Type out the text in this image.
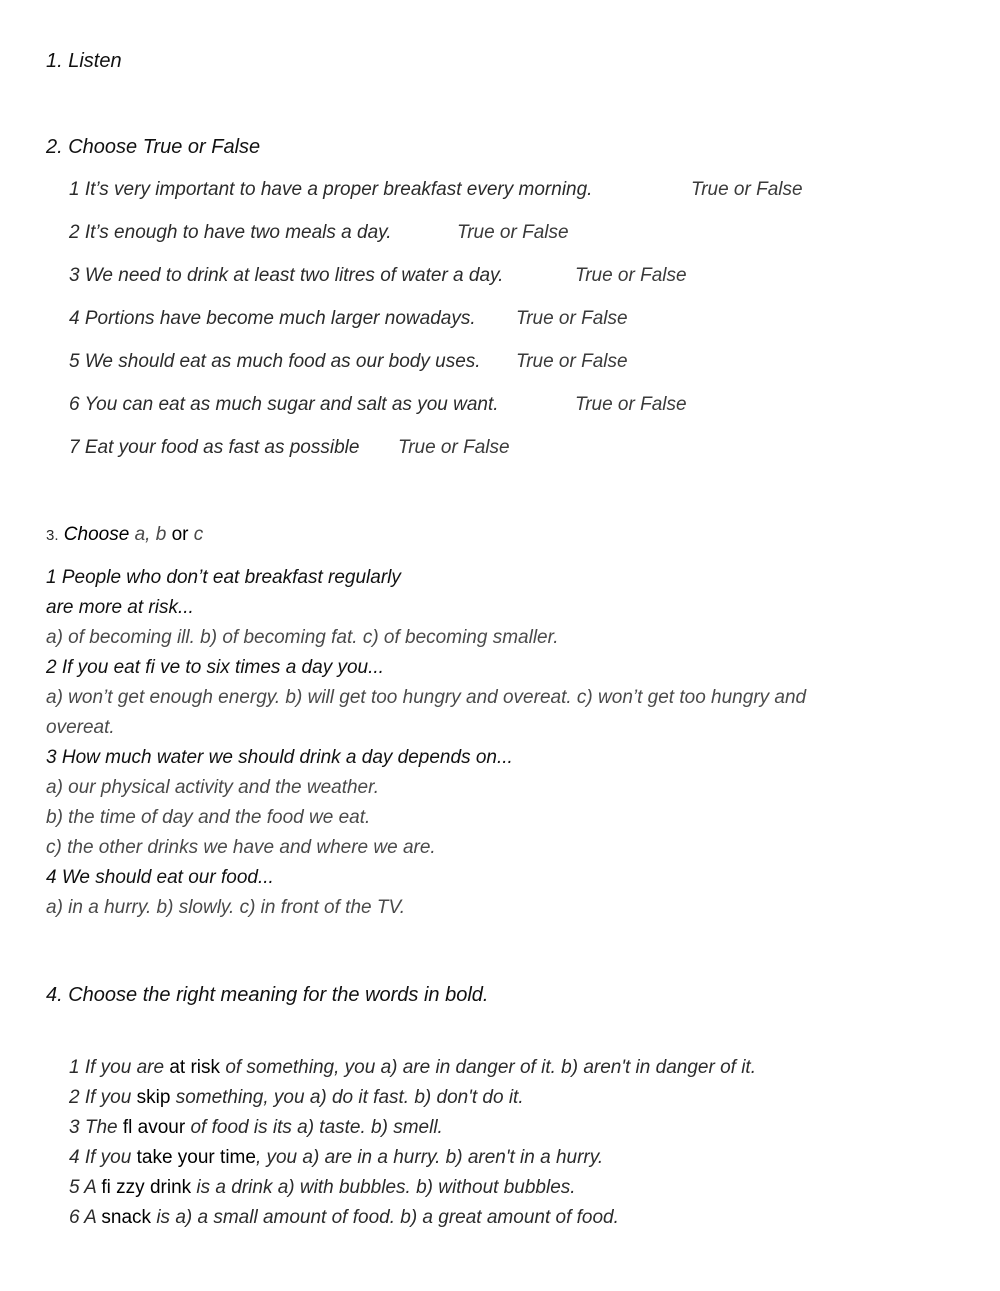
1. Listen
2. Choose True or False
1 It’s very important to have a proper breakfast every morning.	True or False
2 It’s enough to have two meals a day.	True or False
3 We need to drink at least two litres of water a day.	True or False
4 Portions have become much larger nowadays. True or False
5 We should eat as much food as our body uses. True or False
6 You can eat as much sugar and salt as you want.	True or False
7 Eat your food as fast as possible True or False
3. Choose a, b or c
1 People who don’t eat breakfast regularly
are more at risk...
a) of becoming ill. b) of becoming fat. c) of becoming smaller.
2 If you eat fi ve to six times a day you...
a) won’t get enough energy. b) will get too hungry and overeat. c) won’t get too hungry and
overeat.
3 How much water we should drink a day depends on...
a) our physical activity and the weather.
b) the time of day and the food we eat.
c) the other drinks we have and where we are.
4 We should eat our food...
a) in a hurry. b) slowly. c) in front of the TV.
4. Choose the right meaning for the words in bold.
1 If you are at risk of something, you a) are in danger of it. b) aren't in danger of it.
2 If you skip something, you a) do it fast. b) don't do it.
3 The fl avour of food is its a) taste. b) smell.
4 If you take your time, you a) are in a hurry. b) aren't in a hurry.
5 A fi zzy drink is a drink a) with bubbles. b) without bubbles.
6 A snack is a) a small amount of food. b) a great amount of food.
